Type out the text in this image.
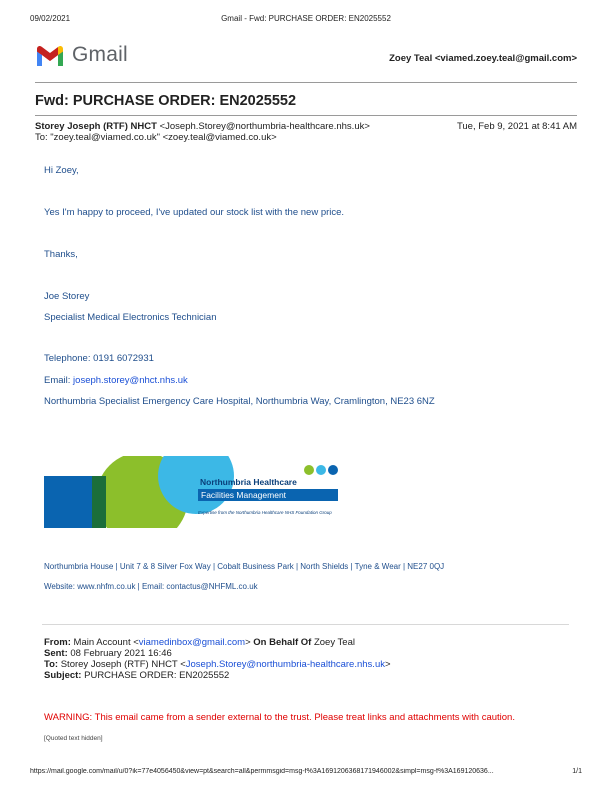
09/02/2021	Gmail - Fwd: PURCHASE ORDER: EN2025552
Gmail	Zoey Teal <viamed.zoey.teal@gmail.com>
Fwd: PURCHASE ORDER: EN2025552
Storey Joseph (RTF) NHCT <Joseph.Storey@northumbria-healthcare.nhs.uk>	Tue, Feb 9, 2021 at 8:41 AM
To: "zoey.teal@viamed.co.uk" <zoey.teal@viamed.co.uk>
Hi Zoey,
Yes I'm happy to proceed, I've updated our stock list with the new price.
Thanks,
Joe Storey
Specialist Medical Electronics Technician
Telephone: 0191 6072931
Email: joseph.storey@nhct.nhs.uk
Northumbria Specialist Emergency Care Hospital, Northumbria Way, Cramlington, NE23 6NZ
Northumbria Healthcare
Facilities Management
Expertise from the Northumbria Healthcare NHS Foundation Group
Northumbria House | Unit 7 & 8 Silver Fox Way | Cobalt Business Park | North Shields | Tyne & Wear | NE27 0QJ
Website: www.nhfm.co.uk | Email: contactus@NHFML.co.uk
From: Main Account <viamedinbox@gmail.com> On Behalf Of Zoey Teal
Sent: 08 February 2021 16:46
To: Storey Joseph (RTF) NHCT <Joseph.Storey@northumbria-healthcare.nhs.uk>
Subject: PURCHASE ORDER: EN2025552
WARNING: This email came from a sender external to the trust. Please treat links and attachments with caution.
[Quoted text hidden]
https://mail.google.com/mail/u/0?ik=77e4056450&view=pt&search=all&permmsgid=msg-f%3A1691206368171946002&simpl=msg-f%3A169120636...	1/1
